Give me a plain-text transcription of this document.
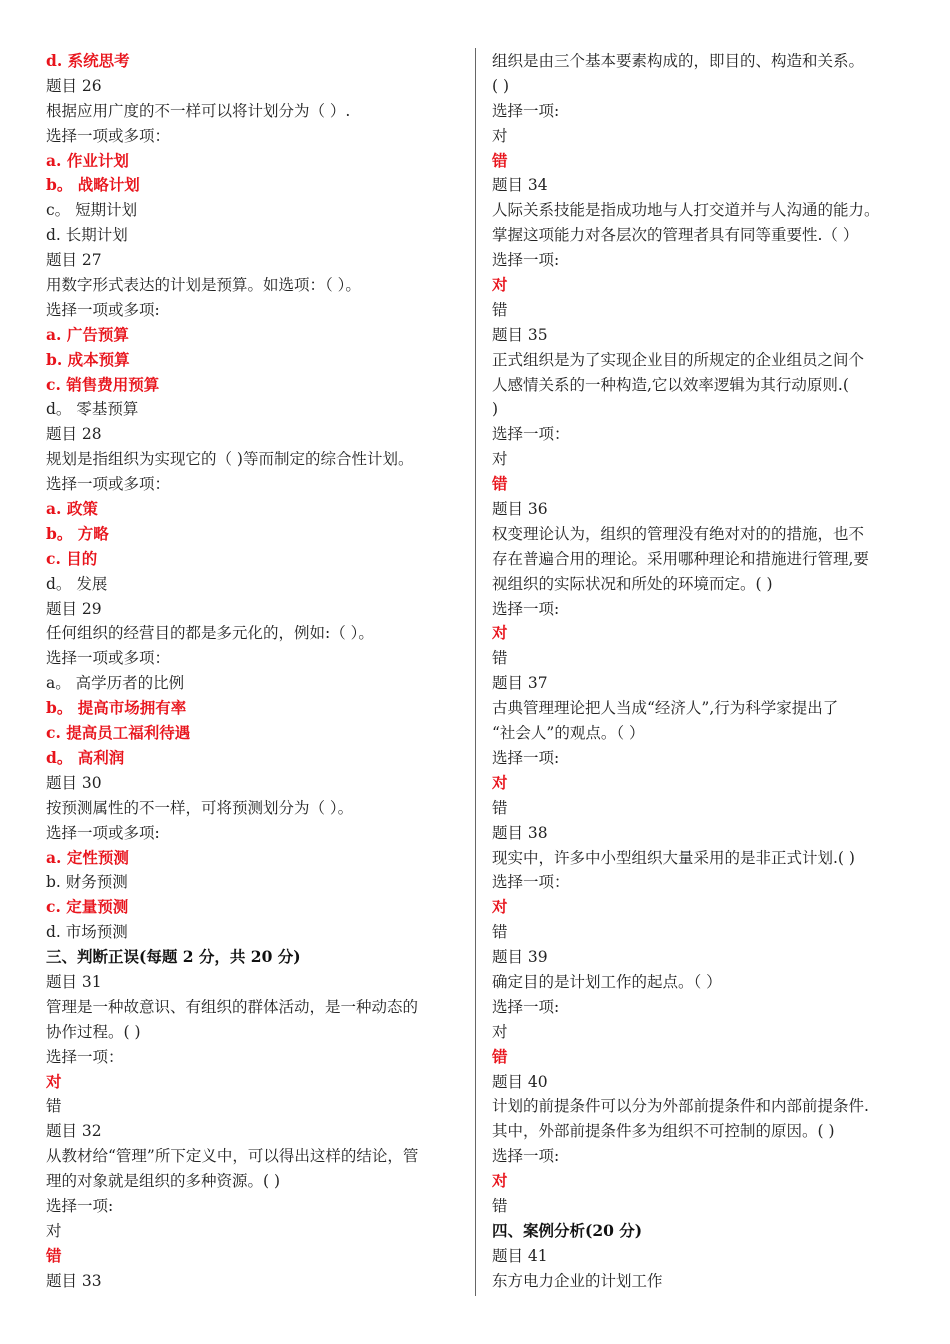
d. 系统思考
题目 26
根据应用广度的不一样可以将计划分为（ ）.
选择一项或多项：
a. 作业计划
b。 战略计划
c。 短期计划
d. 长期计划
题目 27
用数字形式表达的计划是预算。如选项：（ ）。
选择一项或多项:
a. 广告预算
b. 成本预算
c. 销售费用预算
d。 零基预算
题目 28
规划是指组织为实现它的（ )等而制定的综合性计划。
选择一项或多项：
a. 政策
b。 方略
c. 目的
d。 发展
题目 29
任何组织的经营目的都是多元化的，例如:（ ）。
选择一项或多项：
a。 高学历者的比例
b。 提高市场拥有率
c. 提高员工福利待遇
d。 高利润
题目 30
按预测属性的不一样，可将预测划分为（ ）。
选择一项或多项:
a. 定性预测
b. 财务预测
c. 定量预测
d. 市场预测
三、判断正误(每题 2 分，共 20 分)
题目 31
管理是一种故意识、有组织的群体活动，是一种动态的
协作过程。( )
选择一项：
对
错
题目 32
从教材给“管理”所下定义中，可以得出这样的结论，管
理的对象就是组织的多种资源。( )
选择一项:
对
错
题目 33
组织是由三个基本要素构成的，即目的、构造和关系。
( )
选择一项:
对
错
题目 34
人际关系技能是指成功地与人打交道并与人沟通的能力。
掌握这项能力对各层次的管理者具有同等重要性.（ ）
选择一项:
对
错
题目 35
正式组织是为了实现企业目的所规定的企业组员之间个
人感情关系的一种构造,它以效率逻辑为其行动原则.(
)
选择一项：
对
错
题目 36
权变理论认为，组织的管理没有绝对对的的措施，也不
存在普遍合用的理论。采用哪种理论和措施进行管理,要
视组织的实际状况和所处的环境而定。( )
选择一项:
对
错
题目 37
古典管理理论把人当成“经济人”,行为科学家提出了
“社会人”的观点。（ ）
选择一项:
对
错
题目 38
现实中，许多中小型组织大量采用的是非正式计划.( )
选择一项：
对
错
题目 39
确定目的是计划工作的起点。（ ）
选择一项:
对
错
题目 40
计划的前提条件可以分为外部前提条件和内部前提条件.
其中，外部前提条件多为组织不可控制的原因。( )
选择一项:
对
错
四、案例分析(20 分)
题目 41
东方电力企业的计划工作
